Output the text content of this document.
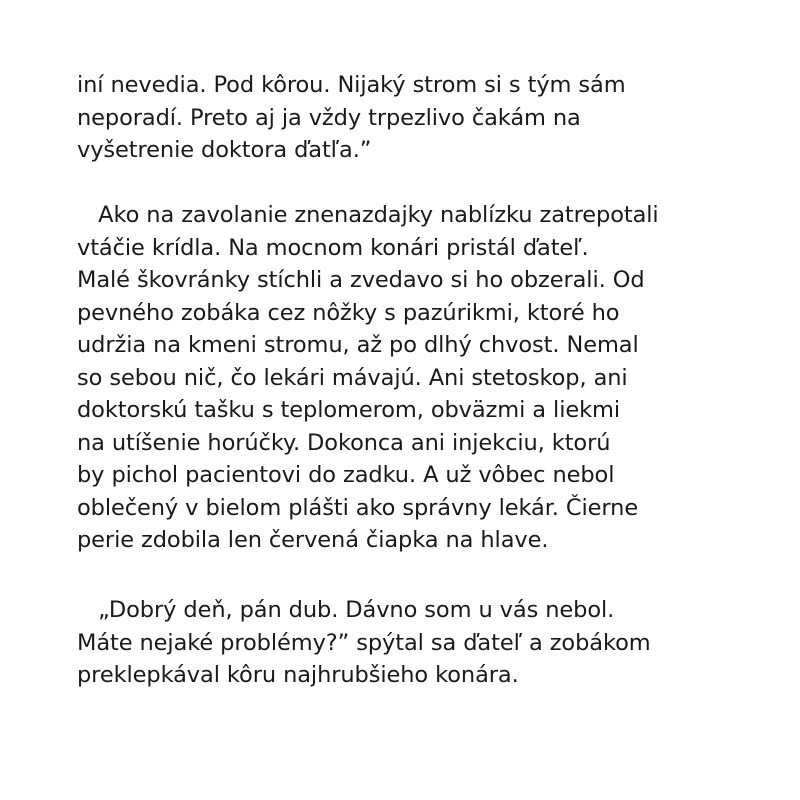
iní nevedia. Pod kôrou. Nijaký strom si s tým sám
neporadí. Preto aj ja vždy trpezlivo čakám na
vyšetrenie doktora ďatľa.”
Ako na zavolanie znenazdajky nablízku zatrepotali
vtáčie krídla. Na mocnom konári pristál ďateľ.
Malé škovránky stíchli a zvedavo si ho obzerali. Od
pevného zobáka cez nôžky s pazúrikmi, ktoré ho
udržia na kmeni stromu, až po dlhý chvost. Nemal
so sebou nič, čo lekári mávajú. Ani stetoskop, ani
doktorskú tašku s teplomerom, obväzmi a liekmi
na utíšenie horúčky. Dokonca ani injekciu, ktorú
by pichol pacientovi do zadku. A už vôbec nebol
oblečený v bielom plášti ako správny lekár. Čierne
perie zdobila len červená čiapka na hlave.
„Dobrý deň, pán dub. Dávno som u vás nebol.
Máte nejaké problémy?” spýtal sa ďateľ a zobákom
preklepkával kôru najhrubšieho konára.
